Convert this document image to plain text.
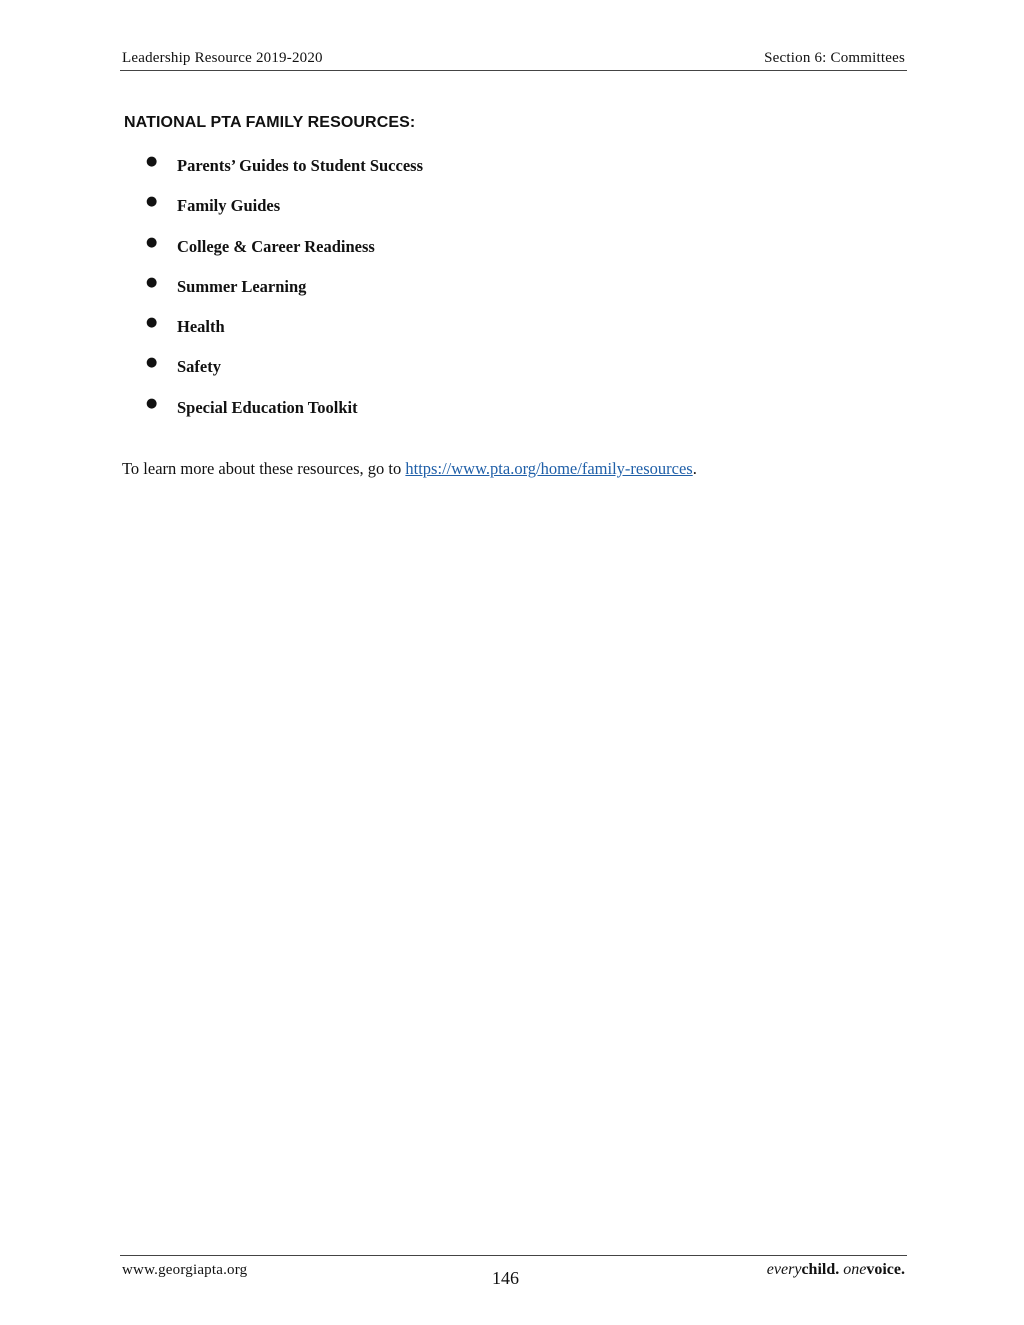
Leadership Resource 2019-2020	Section 6: Committees
NATIONAL PTA FAMILY RESOURCES:
● Parents’ Guides to Student Success
● Family Guides
● College & Career Readiness
● Summer Learning
● Health
● Safety
● Special Education Toolkit

To learn more about these resources, go to https://www.pta.org/home/family-resources.

www.georgiapta.org	146	everychild. onevoice.
